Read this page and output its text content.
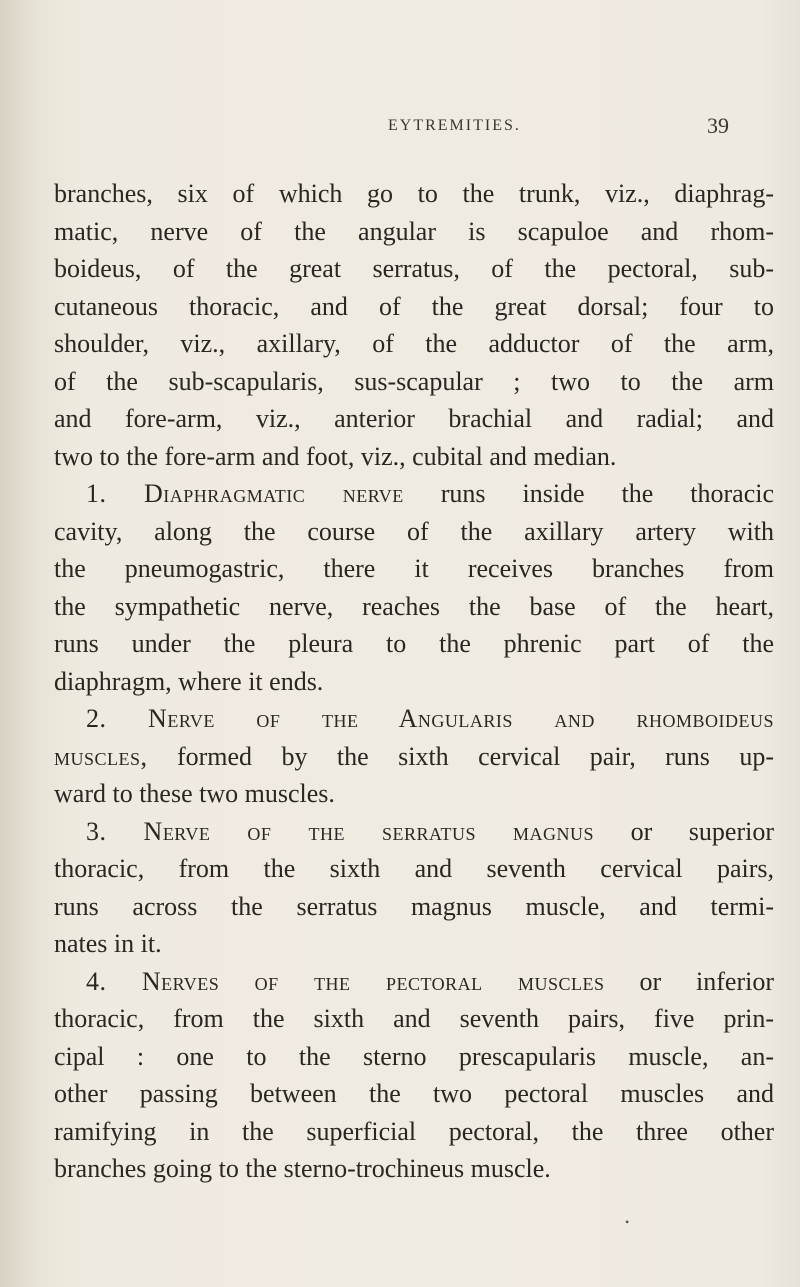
EYTREMITIES.	39
branches, six of which go to the trunk, viz., diaphrag-
matic, nerve of the angular is scapuloe and rhom-
boideus, of the great serratus, of the pectoral, sub-
cutaneous thoracic, and of the great dorsal; four to
shoulder, viz., axillary, of the adductor of the arm,
of the sub-scapularis, sus-scapular ; two to the arm
and fore-arm, viz., anterior brachial and radial; and
two to the fore-arm and foot, viz., cubital and median.
1. Diaphragmatic nerve runs inside the thoracic
cavity, along the course of the axillary artery with
the pneumogastric, there it receives branches from
the sympathetic nerve, reaches the base of the heart,
runs under the pleura to the phrenic part of the
diaphragm, where it ends.
2. Nerve of the Angularis and rhomboideus
muscles, formed by the sixth cervical pair, runs up-
ward to these two muscles.
3. Nerve of the serratus magnus or superior
thoracic, from the sixth and seventh cervical pairs,
runs across the serratus magnus muscle, and termi-
nates in it.
4. Nerves of the pectoral muscles or inferior
thoracic, from the sixth and seventh pairs, five prin-
cipal : one to the sterno prescapularis muscle, an-
other passing between the two pectoral muscles and
ramifying in the superficial pectoral, the three other
branches going to the sterno-trochineus muscle.
•
